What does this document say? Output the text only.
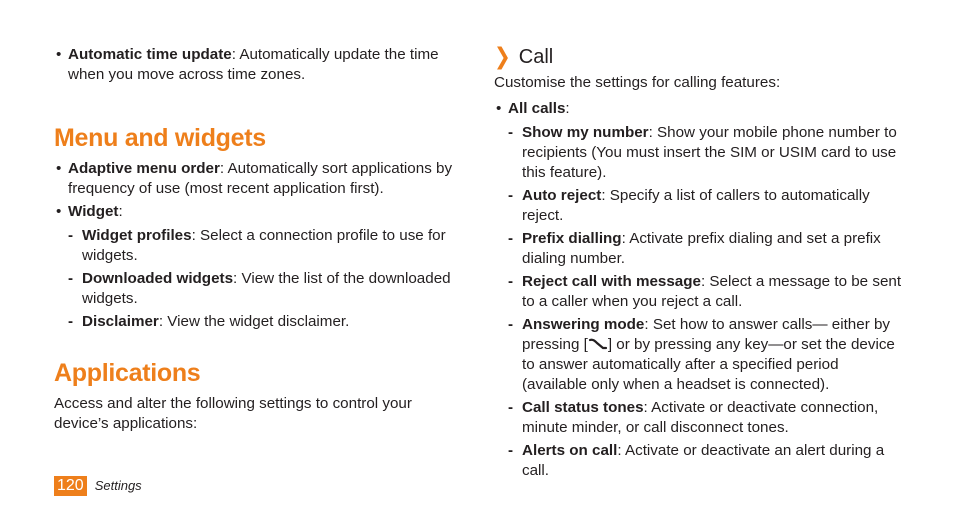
• Automatic time update: Automatically update the time when you move across time zones.
Menu and widgets
• Adaptive menu order: Automatically sort applications by frequency of use (most recent application first).
• Widget:
- Widget profiles: Select a connection profile to use for widgets.
- Downloaded widgets: View the list of the downloaded widgets.
- Disclaimer: View the widget disclaimer.
Applications
Access and alter the following settings to control your device’s applications:
❯ Call
Customise the settings for calling features:
• All calls:
- Show my number: Show your mobile phone number to recipients (You must insert the SIM or USIM card to use this feature).
- Auto reject: Specify a list of callers to automatically reject.
- Prefix dialling: Activate prefix dialing and set a prefix dialing number.
- Reject call with message: Select a message to be sent to a caller when you reject a call.
- Answering mode: Set how to answer calls— either by pressing [ ] or by pressing any key—or set the device to answer automatically after a specified period (available only when a headset is connected).
- Call status tones: Activate or deactivate connection, minute minder, or call disconnect tones.
- Alerts on call: Activate or deactivate an alert during a call.
120 Settings
